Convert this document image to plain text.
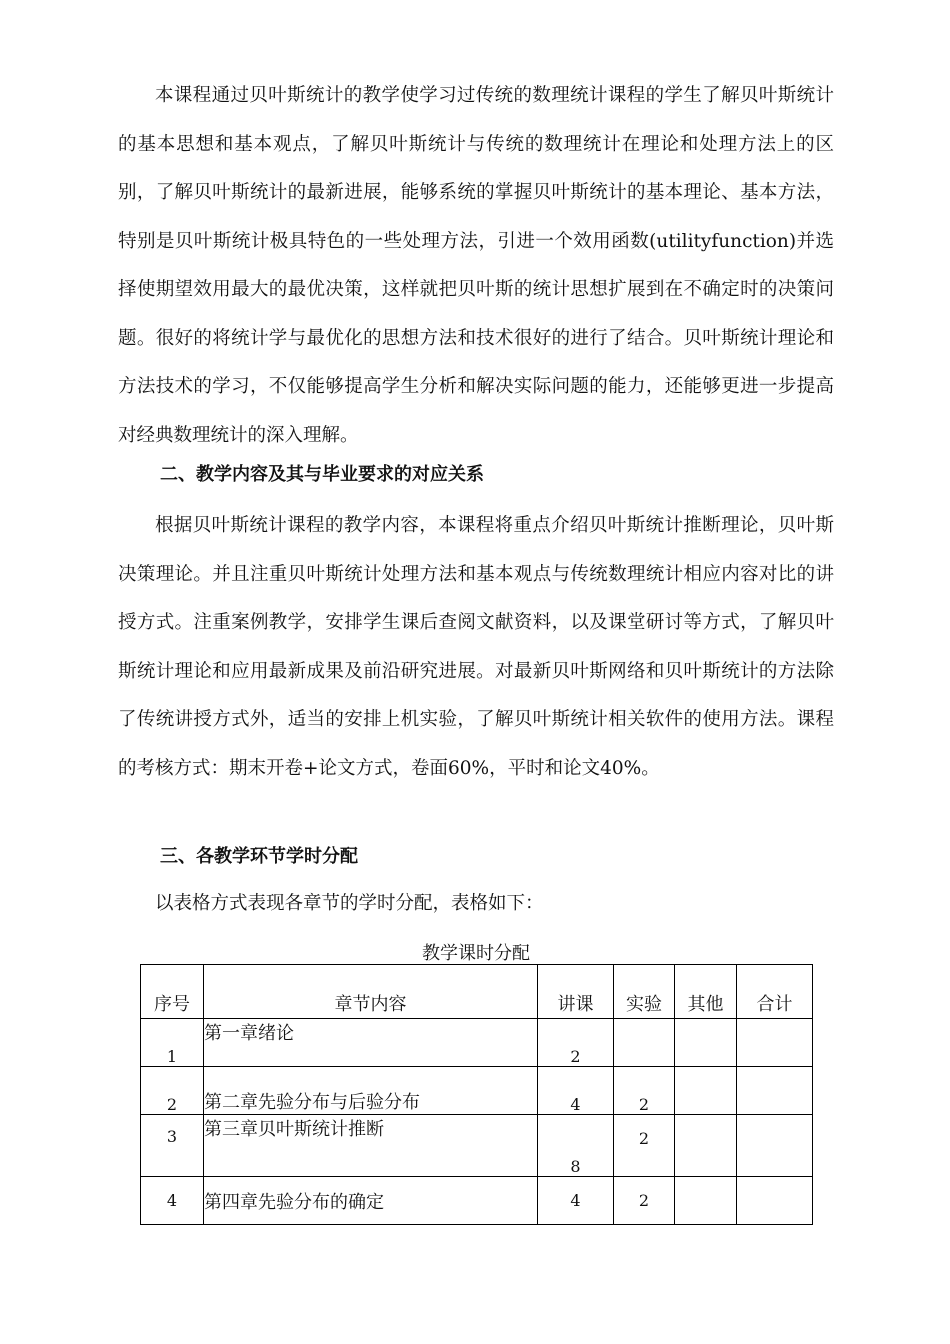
本课程通过贝叶斯统计的教学使学习过传统的数理统计课程的学生了解贝叶斯统计的基本思想和基本观点，了解贝叶斯统计与传统的数理统计在理论和处理方法上的区别，了解贝叶斯统计的最新进展，能够系统的掌握贝叶斯统计的基本理论、基本方法，特别是贝叶斯统计极具特色的一些处理方法，引进一个效用函数(utilityfunction)并选择使期望效用最大的最优决策，这样就把贝叶斯的统计思想扩展到在不确定时的决策问题。很好的将统计学与最优化的思想方法和技术很好的进行了结合。贝叶斯统计理论和方法技术的学习，不仅能够提高学生分析和解决实际问题的能力，还能够更进一步提高对经典数理统计的深入理解。

二、教学内容及其与毕业要求的对应关系

根据贝叶斯统计课程的教学内容，本课程将重点介绍贝叶斯统计推断理论，贝叶斯决策理论。并且注重贝叶斯统计处理方法和基本观点与传统数理统计相应内容对比的讲授方式。注重案例教学，安排学生课后查阅文献资料，以及课堂研讨等方式，了解贝叶斯统计理论和应用最新成果及前沿研究进展。对最新贝叶斯网络和贝叶斯统计的方法除了传统讲授方式外，适当的安排上机实验，了解贝叶斯统计相关软件的使用方法。课程的考核方式：期末开卷+论文方式，卷面60%，平时和论文40%。

三、各教学环节学时分配

以表格方式表现各章节的学时分配，表格如下：

教学课时分配

序号	章节内容	讲课	实验	其他	合计
1	第一章绪论	2			
2	第二章先验分布与后验分布	4	2		
3	第三章贝叶斯统计推断	8	2		
4	第四章先验分布的确定	4	2		
